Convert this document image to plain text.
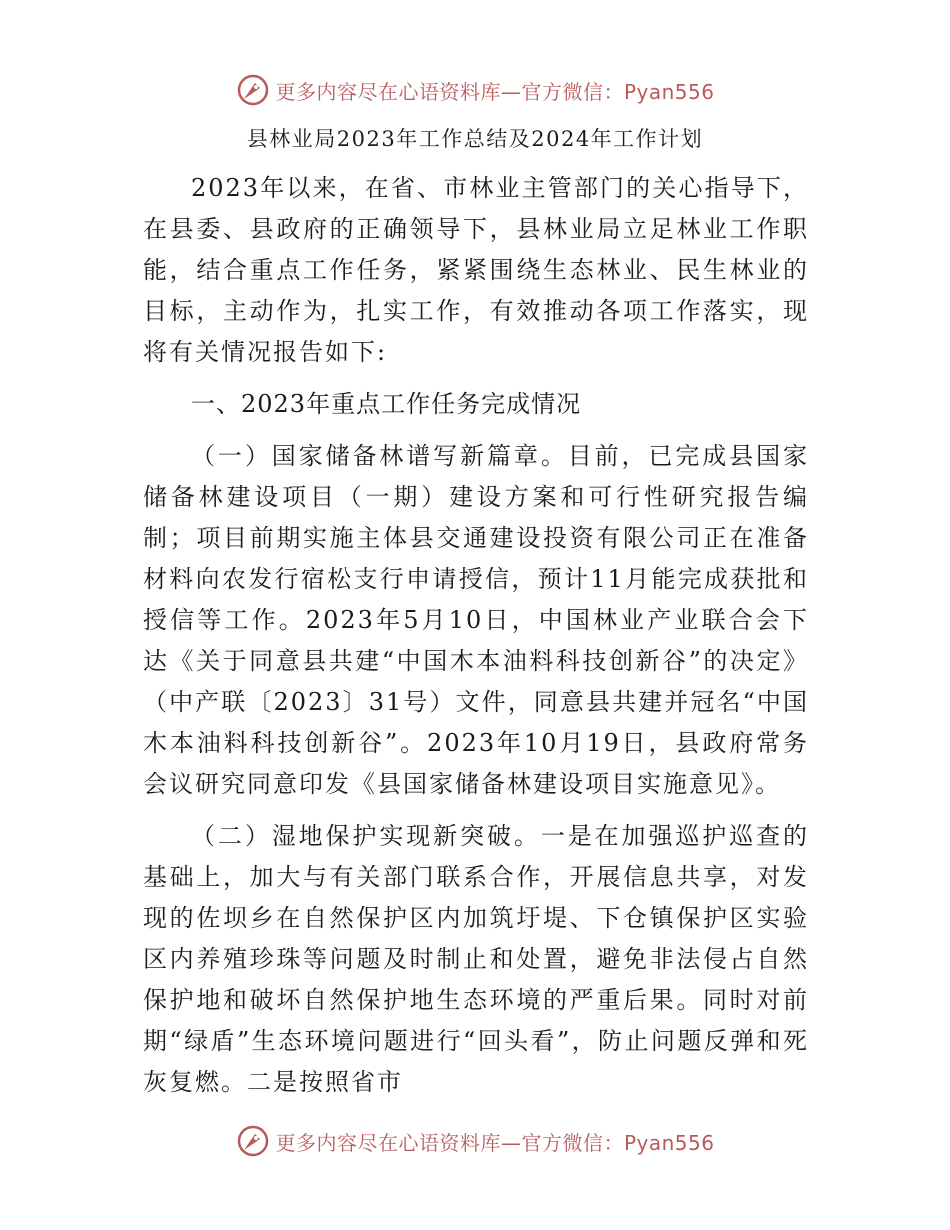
更多内容尽在心语资料库—官方微信：Pyan556
县林业局2023年工作总结及2024年工作计划

2023年以来，在省、市林业主管部门的关心指导下，在县委、县政府的正确领导下，县林业局立足林业工作职能，结合重点工作任务，紧紧围绕生态林业、民生林业的目标，主动作为，扎实工作，有效推动各项工作落实，现将有关情况报告如下:

一、2023年重点工作任务完成情况

（一）国家储备林谱写新篇章。目前，已完成县国家储备林建设项目（一期）建设方案和可行性研究报告编制；项目前期实施主体县交通建设投资有限公司正在准备材料向农发行宿松支行申请授信，预计11月能完成获批和授信等工作。2023年5月10日，中国林业产业联合会下达《关于同意县共建“中国木本油料科技创新谷”的决定》（中产联〔2023〕31号）文件，同意县共建并冠名“中国木本油料科技创新谷”。2023年10月19日，县政府常务会议研究同意印发《县国家储备林建设项目实施意见》。

（二）湿地保护实现新突破。一是在加强巡护巡查的基础上，加大与有关部门联系合作，开展信息共享，对发现的佐坝乡在自然保护区内加筑圩堤、下仓镇保护区实验区内养殖珍珠等问题及时制止和处置，避免非法侵占自然保护地和破坏自然保护地生态环境的严重后果。同时对前期“绿盾”生态环境问题进行“回头看”，防止问题反弹和死灰复燃。二是按照省市

更多内容尽在心语资料库—官方微信：Pyan556
